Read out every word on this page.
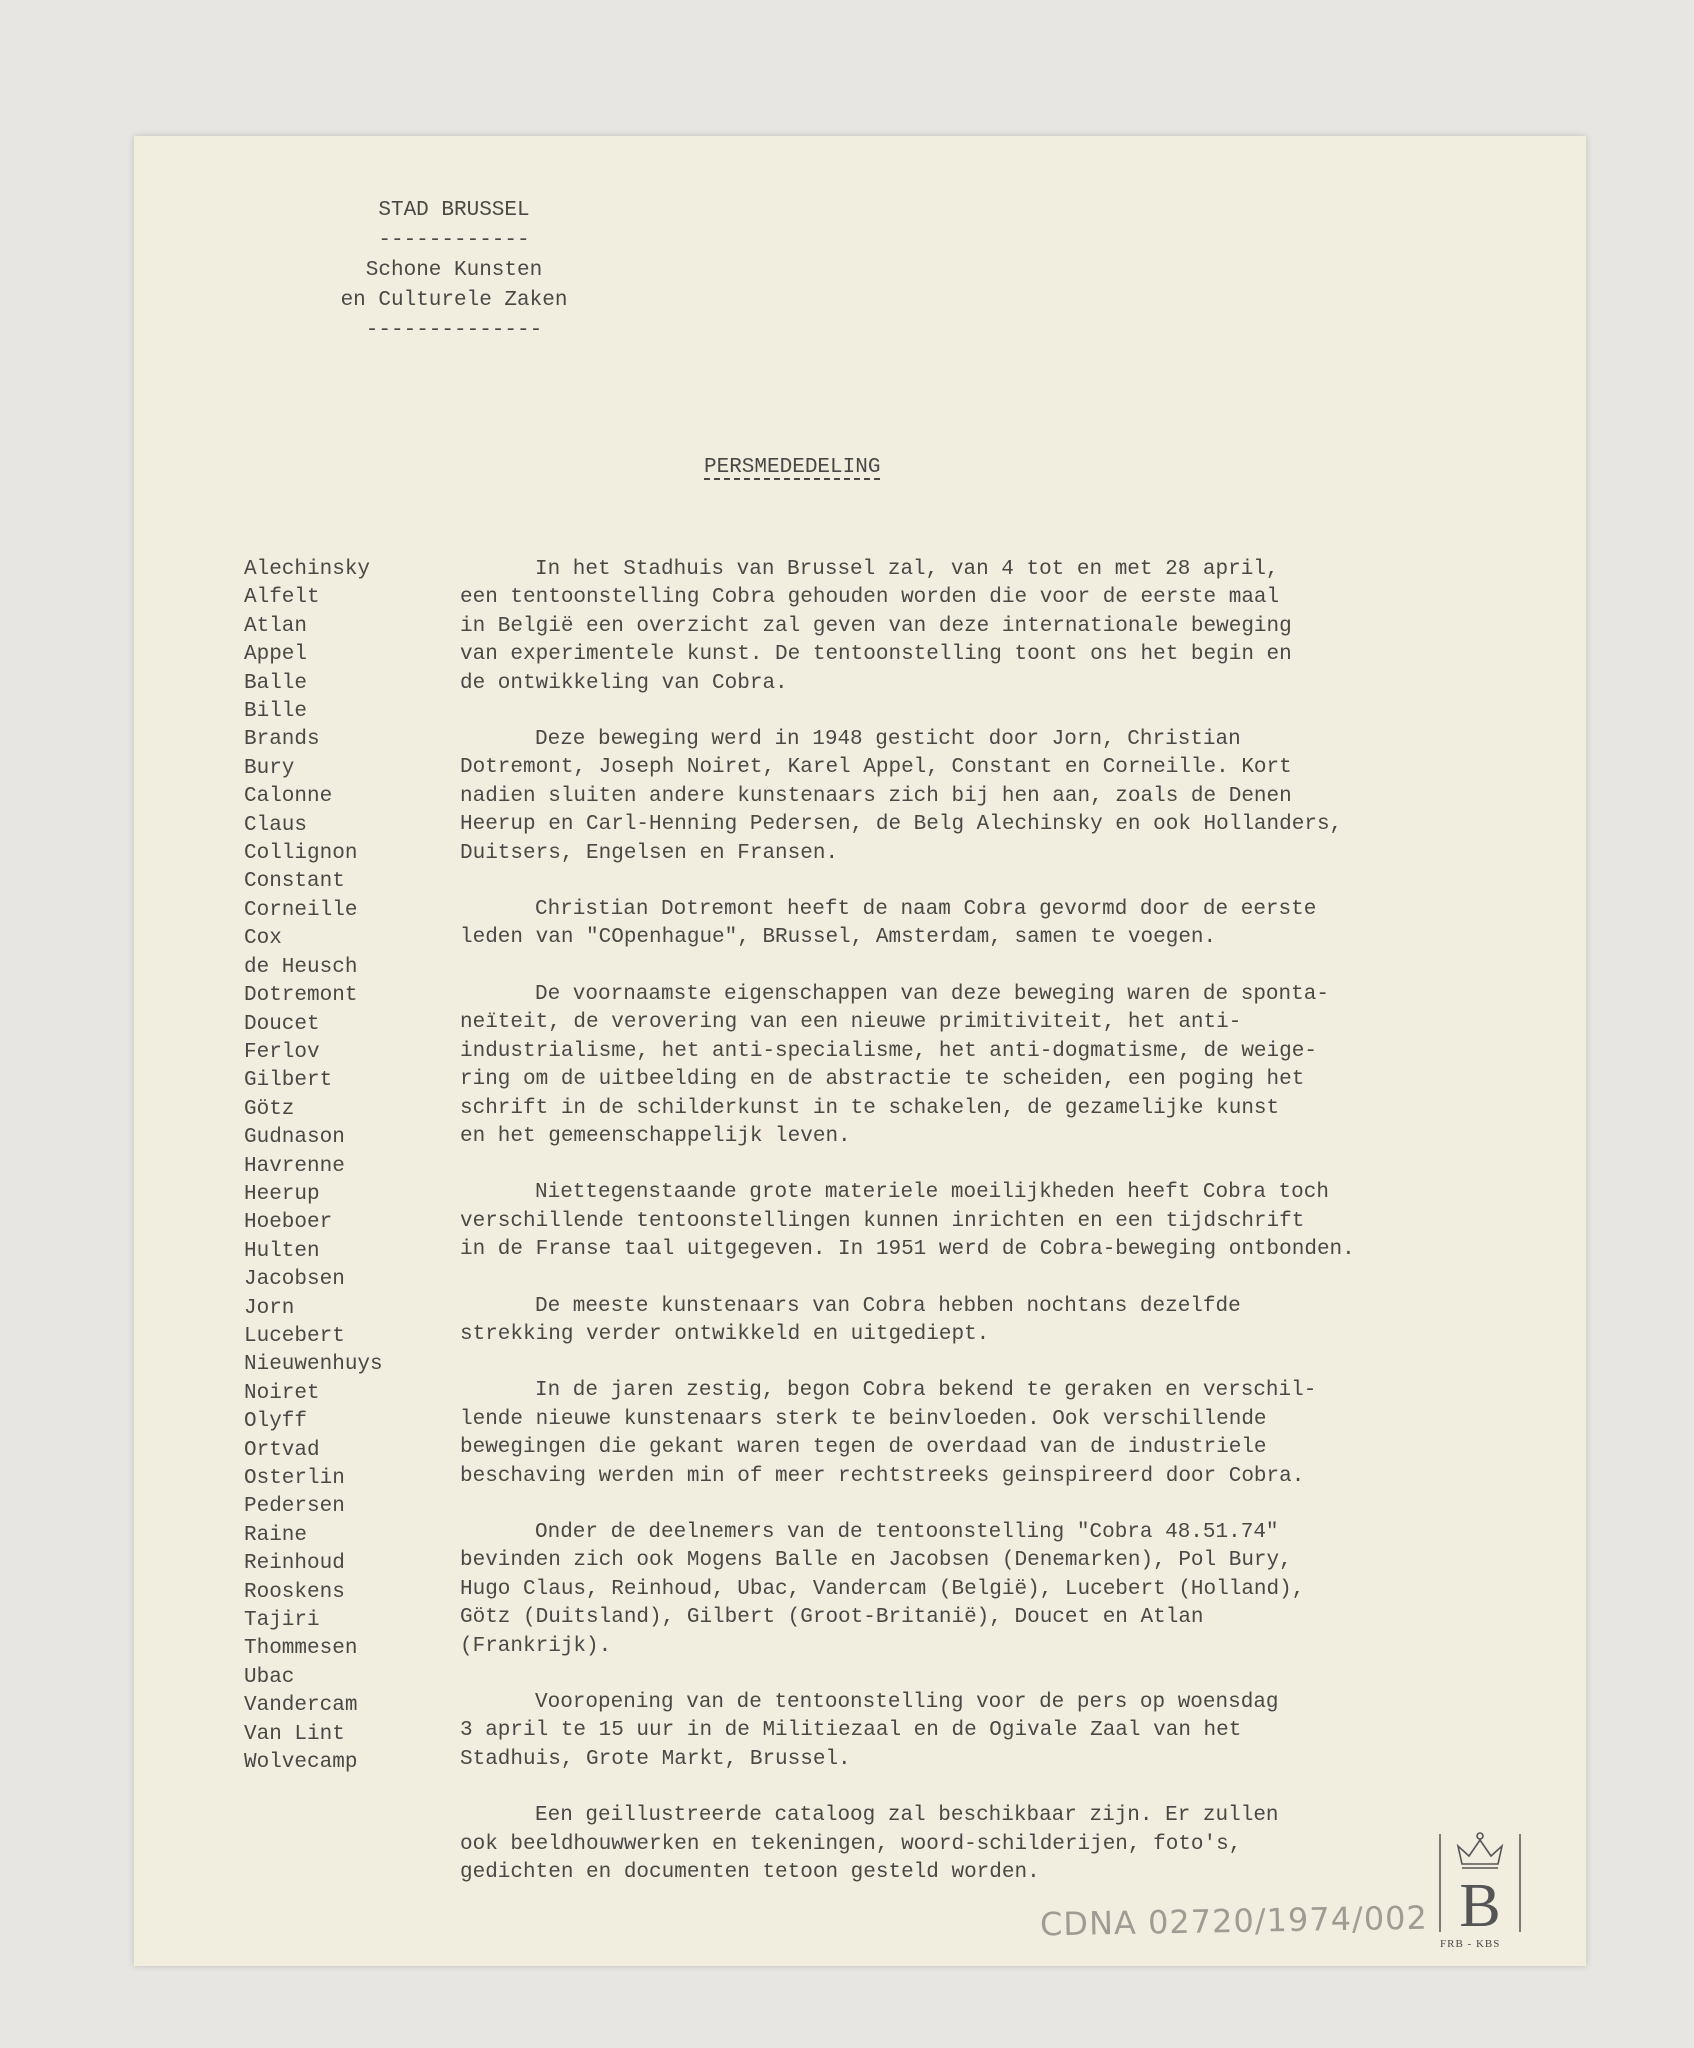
STAD BRUSSEL
------------
Schone Kunsten
en Culturele Zaken
--------------
PERSMEDEDELING
Alechinsky
Alfelt
Atlan
Appel
Balle
Bille
Brands
Bury
Calonne
Claus
Collignon
Constant
Corneille
Cox
de Heusch
Dotremont
Doucet
Ferlov
Gilbert
Götz
Gudnason
Havrenne
Heerup
Hoeboer
Hulten
Jacobsen
Jorn
Lucebert
Nieuwenhuys
Noiret
Olyff
Ortvad
Osterlin
Pedersen
Raine
Reinhoud
Rooskens
Tajiri
Thommesen
Ubac
Vandercam
Van Lint
Wolvecamp

In het Stadhuis van Brussel zal, van 4 tot en met 28 april,
een tentoonstelling Cobra gehouden worden die voor de eerste maal
in België een overzicht zal geven van deze internationale beweging
van experimentele kunst. De tentoonstelling toont ons het begin en
de ontwikkeling van Cobra.

Deze beweging werd in 1948 gesticht door Jorn, Christian
Dotremont, Joseph Noiret, Karel Appel, Constant en Corneille. Kort
nadien sluiten andere kunstenaars zich bij hen aan, zoals de Denen
Heerup en Carl-Henning Pedersen, de Belg Alechinsky en ook Hollanders,
Duitsers, Engelsen en Fransen.

Christian Dotremont heeft de naam Cobra gevormd door de eerste
leden van "COpenhague", BRussel, Amsterdam, samen te voegen.

De voornaamste eigenschappen van deze beweging waren de sponta-
neïteit, de verovering van een nieuwe primitiviteit, het anti-
industrialisme, het anti-specialisme, het anti-dogmatisme, de weige-
ring om de uitbeelding en de abstractie te scheiden, een poging het
schrift in de schilderkunst in te schakelen, de gezamelijke kunst
en het gemeenschappelijk leven.

Niettegenstaande grote materiele moeilijkheden heeft Cobra toch
verschillende tentoonstellingen kunnen inrichten en een tijdschrift
in de Franse taal uitgegeven. In 1951 werd de Cobra-beweging ontbonden.

De meeste kunstenaars van Cobra hebben nochtans dezelfde
strekking verder ontwikkeld en uitgediept.

In de jaren zestig, begon Cobra bekend te geraken en verschil-
lende nieuwe kunstenaars sterk te beinvloeden. Ook verschillende
bewegingen die gekant waren tegen de overdaad van de industriele
beschaving werden min of meer rechtstreeks geinspireerd door Cobra.

Onder de deelnemers van de tentoonstelling "Cobra 48.51.74"
bevinden zich ook Mogens Balle en Jacobsen (Denemarken), Pol Bury,
Hugo Claus, Reinhoud, Ubac, Vandercam (België), Lucebert (Holland),
Götz (Duitsland), Gilbert (Groot-Britanië), Doucet en Atlan
(Frankrijk).

Vooropening van de tentoonstelling voor de pers op woensdag
3 april te 15 uur in de Militiezaal en de Ogivale Zaal van het
Stadhuis, Grote Markt, Brussel.

Een geillustreerde cataloog zal beschikbaar zijn. Er zullen
ook beeldhouwwerken en tekeningen, woord-schilderijen, foto's,
gedichten en documenten tetoon gesteld worden.	B
FRB - KBS
CDNA 02720/1974/002
